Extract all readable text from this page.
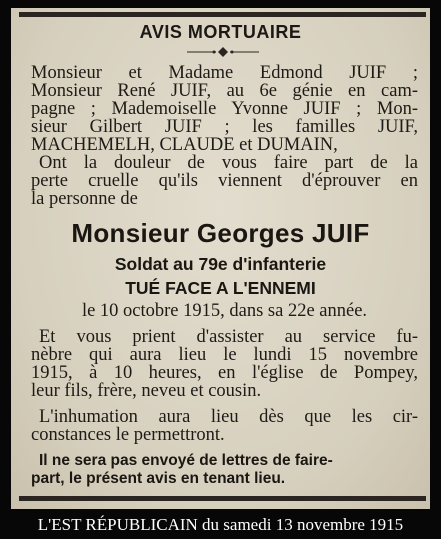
AVIS MORTUAIRE
Monsieur et Madame Edmond JUIF ;
Monsieur René JUIF, au 6e génie en cam-
pagne ; Mademoiselle Yvonne JUIF ; Mon-
sieur Gilbert JUIF ; les familles JUIF,
MACHEMELH, CLAUDE et DUMAIN,
Ont la douleur de vous faire part de la
perte cruelle qu'ils viennent d'éprouver en
la personne de
Monsieur Georges JUIF
Soldat au 79e d'infanterie
TUÉ FACE A L'ENNEMI
le 10 octobre 1915, dans sa 22e année.
Et vous prient d'assister au service fu-
nèbre qui aura lieu le lundi 15 novembre
1915, à 10 heures, en l'église de Pompey,
leur fils, frère, neveu et cousin.
L'inhumation aura lieu dès que les cir-
constances le permettront.
Il ne sera pas envoyé de lettres de faire-
part, le présent avis en tenant lieu.
L'EST RÉPUBLICAIN du samedi 13 novembre 1915
